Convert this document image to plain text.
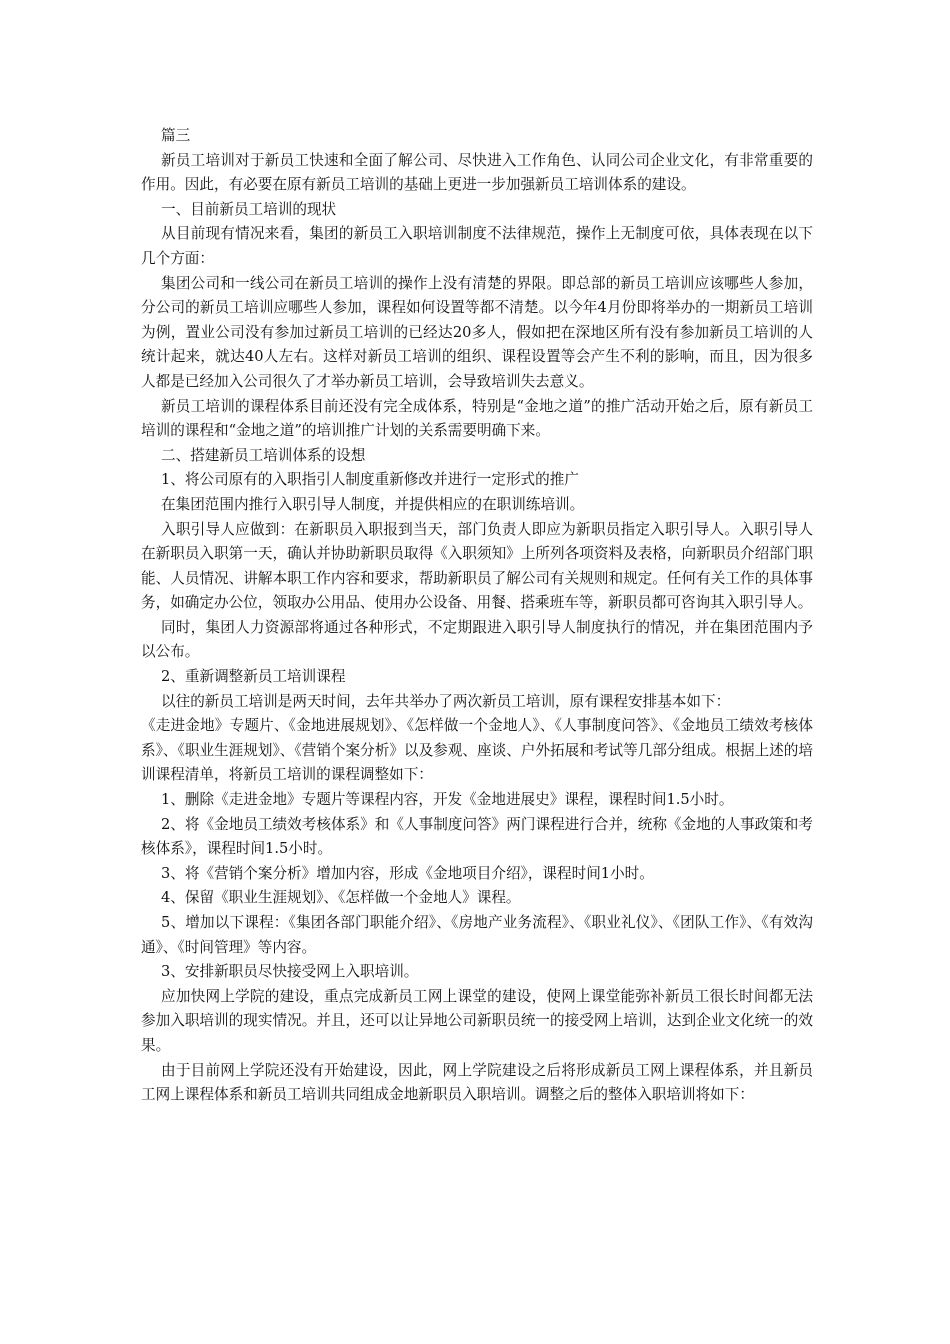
篇三

新员工培训对于新员工快速和全面了解公司、尽快进入工作角色、认同公司企业文化，有非常重要的作用。因此，有必要在原有新员工培训的基础上更进一步加强新员工培训体系的建设。

一、目前新员工培训的现状

从目前现有情况来看，集团的新员工入职培训制度不法律规范，操作上无制度可依，具体表现在以下几个方面：

集团公司和一线公司在新员工培训的操作上没有清楚的界限。即总部的新员工培训应该哪些人参加，分公司的新员工培训应哪些人参加，课程如何设置等都不清楚。以今年4月份即将举办的一期新员工培训为例，置业公司没有参加过新员工培训的已经达20多人，假如把在深地区所有没有参加新员工培训的人统计起来，就达40人左右。这样对新员工培训的组织、课程设置等会产生不利的影响，而且，因为很多人都是已经加入公司很久了才举办新员工培训，会导致培训失去意义。

新员工培训的课程体系目前还没有完全成体系，特别是“金地之道”的推广活动开始之后，原有新员工培训的课程和“金地之道”的培训推广计划的关系需要明确下来。

二、搭建新员工培训体系的设想

1、将公司原有的入职指引人制度重新修改并进行一定形式的推广

在集团范围内推行入职引导人制度，并提供相应的在职训练培训。

入职引导人应做到：在新职员入职报到当天，部门负责人即应为新职员指定入职引导人。入职引导人在新职员入职第一天，确认并协助新职员取得《入职须知》上所列各项资料及表格，向新职员介绍部门职能、人员情况、讲解本职工作内容和要求，帮助新职员了解公司有关规则和规定。任何有关工作的具体事务，如确定办公位，领取办公用品、使用办公设备、用餐、搭乘班车等，新职员都可咨询其入职引导人。

同时，集团人力资源部将通过各种形式，不定期跟进入职引导人制度执行的情况，并在集团范围内予以公布。

2、重新调整新员工培训课程

以往的新员工培训是两天时间，去年共举办了两次新员工培训，原有课程安排基本如下：

《走进金地》专题片、《金地进展规划》、《怎样做一个金地人》、《人事制度问答》、《金地员工绩效考核体系》、《职业生涯规划》、《营销个案分析》以及参观、座谈、户外拓展和考试等几部分组成。根据上述的培训课程清单，将新员工培训的课程调整如下：

1、删除《走进金地》专题片等课程内容，开发《金地进展史》课程，课程时间1.5小时。

2、将《金地员工绩效考核体系》和《人事制度问答》两门课程进行合并，统称《金地的人事政策和考核体系》，课程时间1.5小时。

3、将《营销个案分析》增加内容，形成《金地项目介绍》，课程时间1小时。

4、保留《职业生涯规划》、《怎样做一个金地人》课程。

5、增加以下课程：《集团各部门职能介绍》、《房地产业务流程》、《职业礼仪》、《团队工作》、《有效沟通》、《时间管理》等内容。

3、安排新职员尽快接受网上入职培训。

应加快网上学院的建设，重点完成新员工网上课堂的建设，使网上课堂能弥补新员工很长时间都无法参加入职培训的现实情况。并且，还可以让异地公司新职员统一的接受网上培训，达到企业文化统一的效果。

由于目前网上学院还没有开始建设，因此，网上学院建设之后将形成新员工网上课程体系，并且新员工网上课程体系和新员工培训共同组成金地新职员入职培训。调整之后的整体入职培训将如下：
